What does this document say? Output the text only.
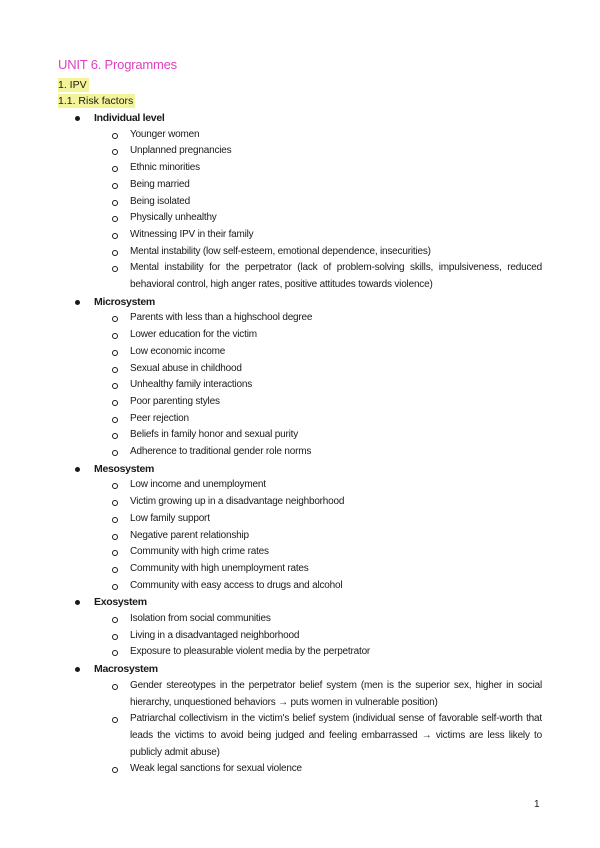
UNIT 6. Programmes
1. IPV
1.1. Risk factors
Individual level
Younger women
Unplanned pregnancies
Ethnic minorities
Being married
Being isolated
Physically unhealthy
Witnessing IPV in their family
Mental instability (low self-esteem, emotional dependence, insecurities)
Mental instability for the perpetrator (lack of problem-solving skills, impulsiveness, reduced behavioral control, high anger rates, positive attitudes towards violence)
Microsystem
Parents with less than a highschool degree
Lower education for the victim
Low economic income
Sexual abuse in childhood
Unhealthy family interactions
Poor parenting styles
Peer rejection
Beliefs in family honor and sexual purity
Adherence to traditional gender role norms
Mesosystem
Low income and unemployment
Victim growing up in a disadvantage neighborhood
Low family support
Negative parent relationship
Community with high crime rates
Community with high unemployment rates
Community with easy access to drugs and alcohol
Exosystem
Isolation from social communities
Living in a disadvantaged neighborhood
Exposure to pleasurable violent media by the perpetrator
Macrosystem
Gender stereotypes in the perpetrator belief system (men is the superior sex, higher in social hierarchy, unquestioned behaviors → puts women in vulnerable position)
Patriarchal collectivism in the victim's belief system (individual sense of favorable self-worth that leads the victims to avoid being judged and feeling embarrassed → victims are less likely to publicly admit abuse)
Weak legal sanctions for sexual violence
1
